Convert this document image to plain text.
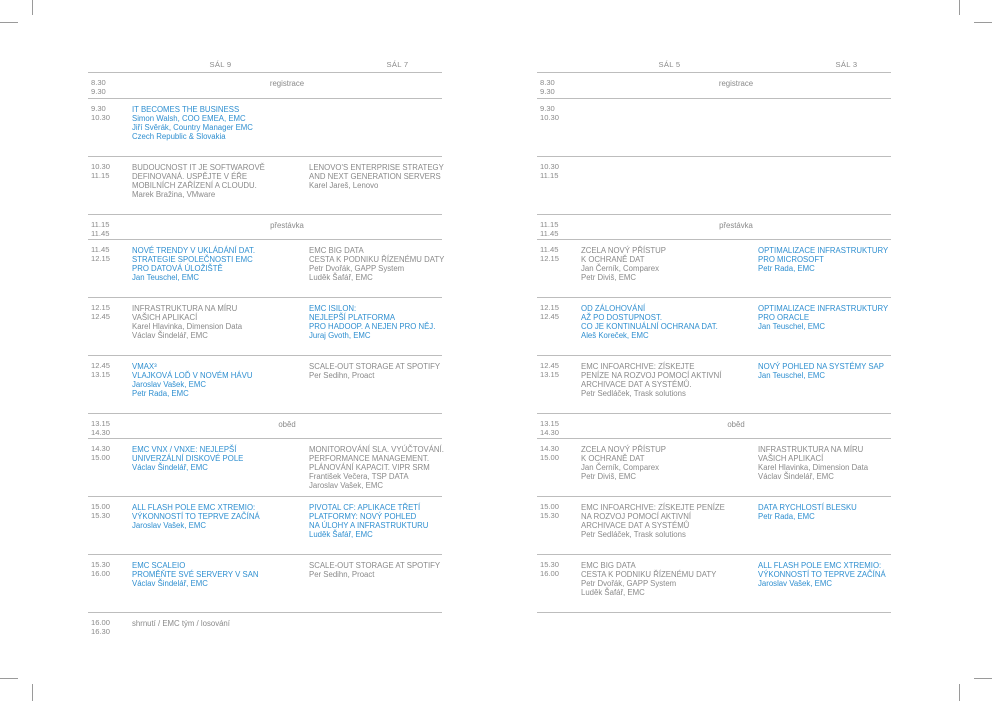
SÁL 9	SÁL 7
8.30
9.30
registrace
9.30
10.30
IT BECOMES THE BUSINESS
Simon Walsh, COO EMEA, EMC
Jiří Svěrák, Country Manager EMC
Czech Republic & Slovakia
10.30
11.15
BUDOUCNOST IT JE SOFTWAROVĚ
DEFINOVANÁ. USPĚJTE V ÉŘE
MOBILNÍCH ZAŘÍZENÍ A CLOUDU.
Marek Bražina, VMware
LENOVO'S ENTERPRISE STRATEGY
AND NEXT GENERATION SERVERS
Karel Jareš, Lenovo
11.15
11.45
přestávka
11.45
12.15
NOVÉ TRENDY V UKLÁDÁNÍ DAT.
STRATEGIE SPOLEČNOSTI EMC
PRO DATOVÁ ÚLOŽIŠTĚ
Jan Teuschel, EMC
EMC BIG DATA
CESTA K PODNIKU ŘÍZENÉMU DATY
Petr Dvořák, GAPP System
Luděk Šafář, EMC
12.15
12.45
INFRASTRUKTURA NA MÍRU
VAŠICH APLIKACÍ
Karel Hlavinka, Dimension Data
Václav Šindelář, EMC
EMC ISILON:
NEJLEPŠÍ PLATFORMA
PRO HADOOP. A NEJEN PRO NĚJ.
Juraj Gvoth, EMC
12.45
13.15
VMAX³
VLAJKOVÁ LOĎ V NOVÉM HÁVU
Jaroslav Vašek, EMC
Petr Rada, EMC
SCALE-OUT STORAGE AT SPOTIFY
Per Sedihn, Proact
13.15
14.30
oběd
14.30
15.00
EMC VNX / VNXE: NEJLEPŠÍ
UNIVERZÁLNÍ DISKOVÉ POLE
Václav Šindelář, EMC
MONITOROVÁNÍ SLA. VYÚČTOVÁNÍ.
PERFORMANCE MANAGEMENT.
PLÁNOVÁNÍ KAPACIT. VIPR SRM
František Večera, TSP DATA
Jaroslav Vašek, EMC
15.00
15.30
ALL FLASH POLE EMC XTREMIO:
VÝKONNOSTÍ TO TEPRVE ZAČÍNÁ
Jaroslav Vašek, EMC
PIVOTAL CF: APLIKACE TŘETÍ
PLATFORMY: NOVÝ POHLED
NA ÚLOHY A INFRASTRUKTURU
Luděk Šafář, EMC
15.30
16.00
EMC SCALEIO
PROMĚŇTE SVÉ SERVERY V SAN
Václav Šindelář, EMC
SCALE-OUT STORAGE AT SPOTIFY
Per Sedihn, Proact
16.00
16.30
shrnutí / EMC tým / losování
SÁL 5	SÁL 3
8.30
9.30
registrace
9.30
10.30
10.30
11.15
11.15
11.45
přestávka
11.45
12.15
ZCELA NOVÝ PŘÍSTUP
K OCHRANĚ DAT
Jan Černík, Comparex
Petr Diviš, EMC
OPTIMALIZACE INFRASTRUKTURY
PRO MICROSOFT
Petr Rada, EMC
12.15
12.45
OD ZÁLOHOVÁNÍ
AŽ PO DOSTUPNOST.
CO JE KONTINUÁLNÍ OCHRANA DAT.
Aleš Koreček, EMC
OPTIMALIZACE INFRASTRUKTURY
PRO ORACLE
Jan Teuschel, EMC
12.45
13.15
EMC INFOARCHIVE: ZÍSKEJTE
PENÍZE NA ROZVOJ POMOCÍ AKTIVNÍ
ARCHIVACE DAT A SYSTÉMŮ.
Petr Sedláček, Trask solutions
NOVÝ POHLED NA SYSTÉMY SAP
Jan Teuschel, EMC
13.15
14.30
oběd
14.30
15.00
ZCELA NOVÝ PŘÍSTUP
K OCHRANĚ DAT
Jan Černík, Comparex
Petr Diviš, EMC
INFRASTRUKTURA NA MÍRU
VAŠICH APLIKACÍ
Karel Hlavinka, Dimension Data
Václav Šindelář, EMC
15.00
15.30
EMC INFOARCHIVE: ZÍSKEJTE PENÍZE
NA ROZVOJ POMOCÍ AKTIVNÍ
ARCHIVACE DAT A SYSTÉMŮ
Petr Sedláček, Trask solutions
DATA RYCHLOSTÍ BLESKU
Petr Rada, EMC
15.30
16.00
EMC BIG DATA
CESTA K PODNIKU ŘÍZENÉMU DATY
Petr Dvořák, GAPP System
Luděk Šafář, EMC
ALL FLASH POLE EMC XTREMIO:
VÝKONNOSTÍ TO TEPRVE ZAČÍNÁ
Jaroslav Vašek, EMC
